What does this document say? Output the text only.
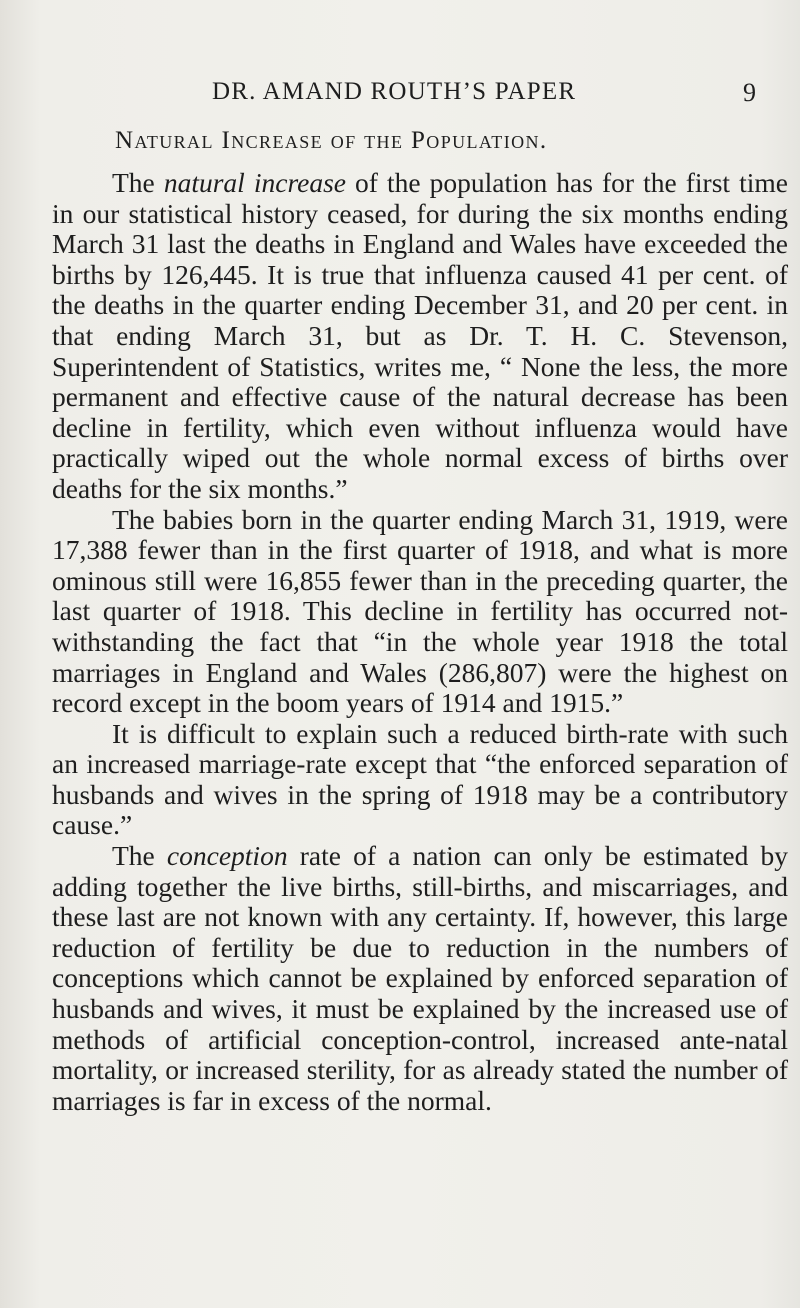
DR. AMAND ROUTH’S PAPER	9
Natural Increase of the Population.

The natural increase of the population has for the first time in our statistical history ceased, for during the six months ending March 31 last the deaths in England and Wales have exceeded the births by 126,445. It is true that influenza caused 41 per cent. of the deaths in the quarter ending December 31, and 20 per cent. in that ending March 31, but as Dr. T. H. C. Stevenson, Superintendent of Statistics, writes me, “ None the less, the more permanent and effective cause of the natural decrease has been decline in fertility, which even without influenza would have practically wiped out the whole normal excess of births over deaths for the six months.”

The babies born in the quarter ending March 31, 1919, were 17,388 fewer than in the first quarter of 1918, and what is more ominous still were 16,855 fewer than in the preceding quarter, the last quarter of 1918. This decline in fertility has occurred not-withstanding the fact that “in the whole year 1918 the total marriages in England and Wales (286,807) were the highest on record except in the boom years of 1914 and 1915.”

It is difficult to explain such a reduced birth-rate with such an increased marriage-rate except that “the enforced separation of husbands and wives in the spring of 1918 may be a contributory cause.”

The conception rate of a nation can only be estimated by adding together the live births, still-births, and miscarriages, and these last are not known with any certainty. If, however, this large reduction of fertility be due to reduction in the numbers of conceptions which cannot be explained by enforced separation of husbands and wives, it must be explained by the increased use of methods of artificial conception-control, increased ante-natal mortality, or increased sterility, for as already stated the number of marriages is far in excess of the normal.
